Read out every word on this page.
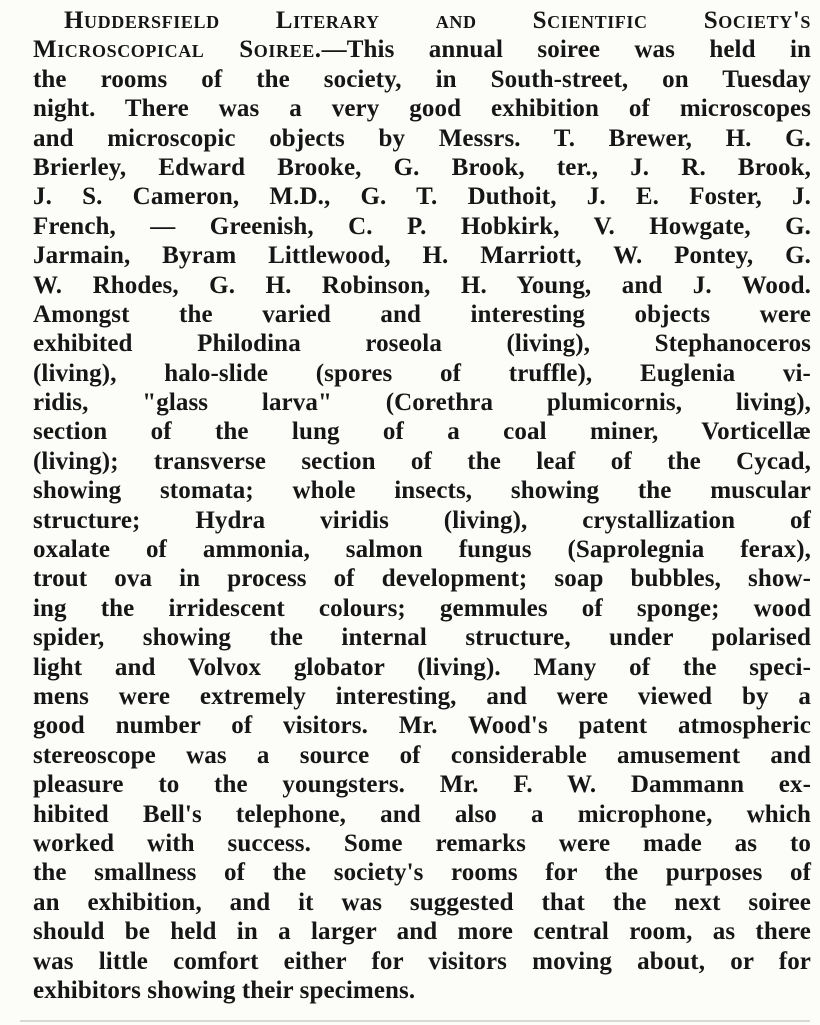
Huddersfield Literary and Scientific Society's
Microscopical Soiree.—This annual soiree was held in
the rooms of the society, in South-street, on Tuesday
night. There was a very good exhibition of microscopes
and microscopic objects by Messrs. T. Brewer, H. G.
Brierley, Edward Brooke, G. Brook, ter., J. R. Brook,
J. S. Cameron, M.D., G. T. Duthoit, J. E. Foster, J.
French, — Greenish, C. P. Hobkirk, V. Howgate, G.
Jarmain, Byram Littlewood, H. Marriott, W. Pontey, G.
W. Rhodes, G. H. Robinson, H. Young, and J. Wood.
Amongst the varied and interesting objects were
exhibited Philodina roseola (living), Stephanoceros
(living), halo-slide (spores of truffle), Euglenia vi-
ridis, "glass larva" (Corethra plumicornis, living),
section of the lung of a coal miner, Vorticellæ
(living); transverse section of the leaf of the Cycad,
showing stomata; whole insects, showing the muscular
structure; Hydra viridis (living), crystallization of
oxalate of ammonia, salmon fungus (Saprolegnia ferax),
trout ova in process of development; soap bubbles, show-
ing the irridescent colours; gemmules of sponge; wood
spider, showing the internal structure, under polarised
light and Volvox globator (living). Many of the speci-
mens were extremely interesting, and were viewed by a
good number of visitors. Mr. Wood's patent atmospheric
stereoscope was a source of considerable amusement and
pleasure to the youngsters. Mr. F. W. Dammann ex-
hibited Bell's telephone, and also a microphone, which
worked with success. Some remarks were made as to
the smallness of the society's rooms for the purposes of
an exhibition, and it was suggested that the next soiree
should be held in a larger and more central room, as there
was little comfort either for visitors moving about, or for
exhibitors showing their specimens.
